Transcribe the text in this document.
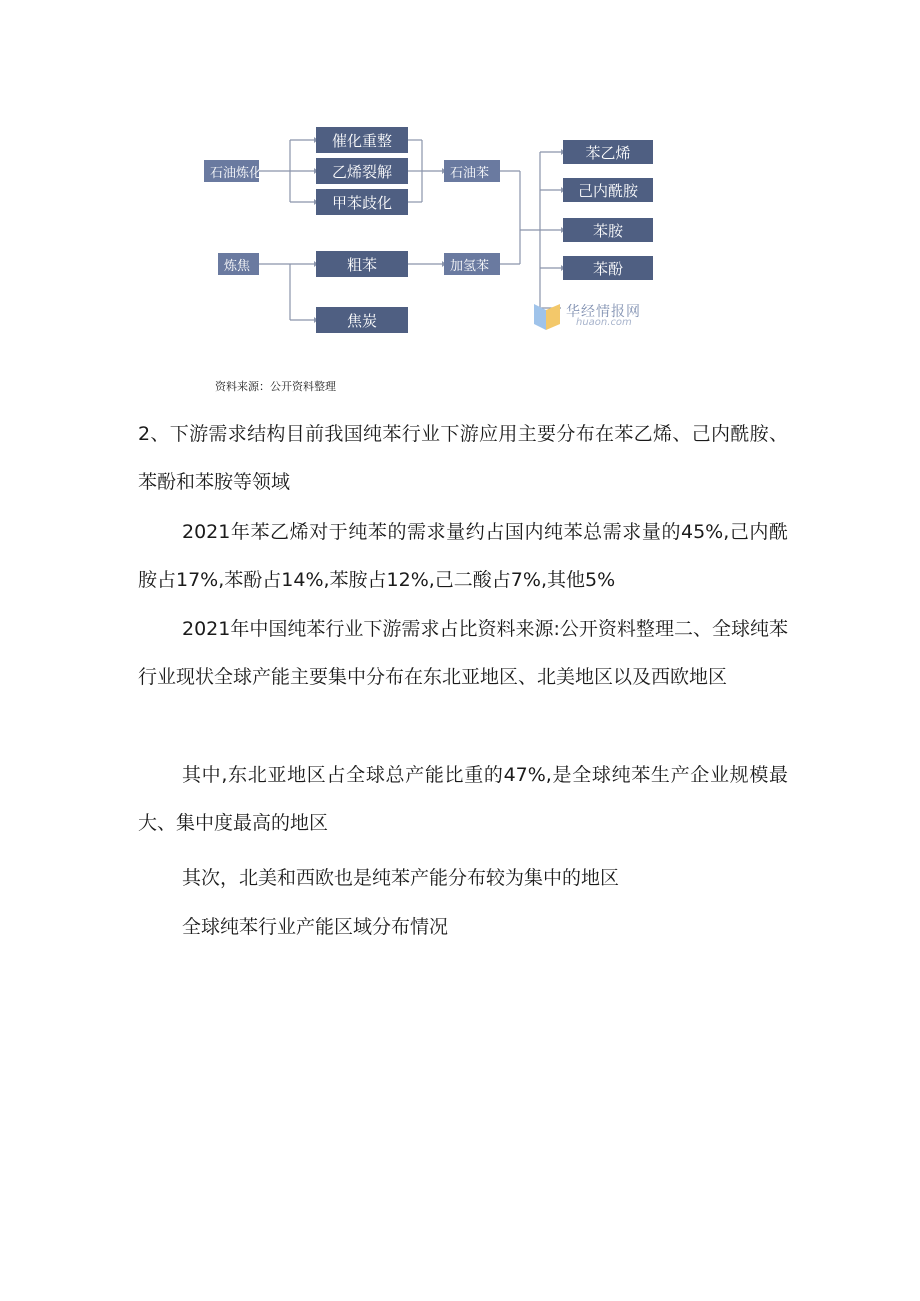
石油炼化
炼焦
催化重整
乙烯裂解
甲苯歧化
粗苯
焦炭
石油苯
加氢苯
苯乙烯
己内酰胺
苯胺
苯酚
华经情报网
huaon.com
资料来源：公开资料整理

2、下游需求结构目前我国纯苯行业下游应用主要分布在苯乙烯、己内酰胺、苯酚和苯胺等领域

2021年苯乙烯对于纯苯的需求量约占国内纯苯总需求量的45%,己内酰胺占17%,苯酚占14%,苯胺占12%,己二酸占7%,其他5%

2021年中国纯苯行业下游需求占比资料来源:公开资料整理二、全球纯苯行业现状全球产能主要集中分布在东北亚地区、北美地区以及西欧地区

其中,东北亚地区占全球总产能比重的47%,是全球纯苯生产企业规模最大、集中度最高的地区

其次，北美和西欧也是纯苯产能分布较为集中的地区

全球纯苯行业产能区域分布情况
